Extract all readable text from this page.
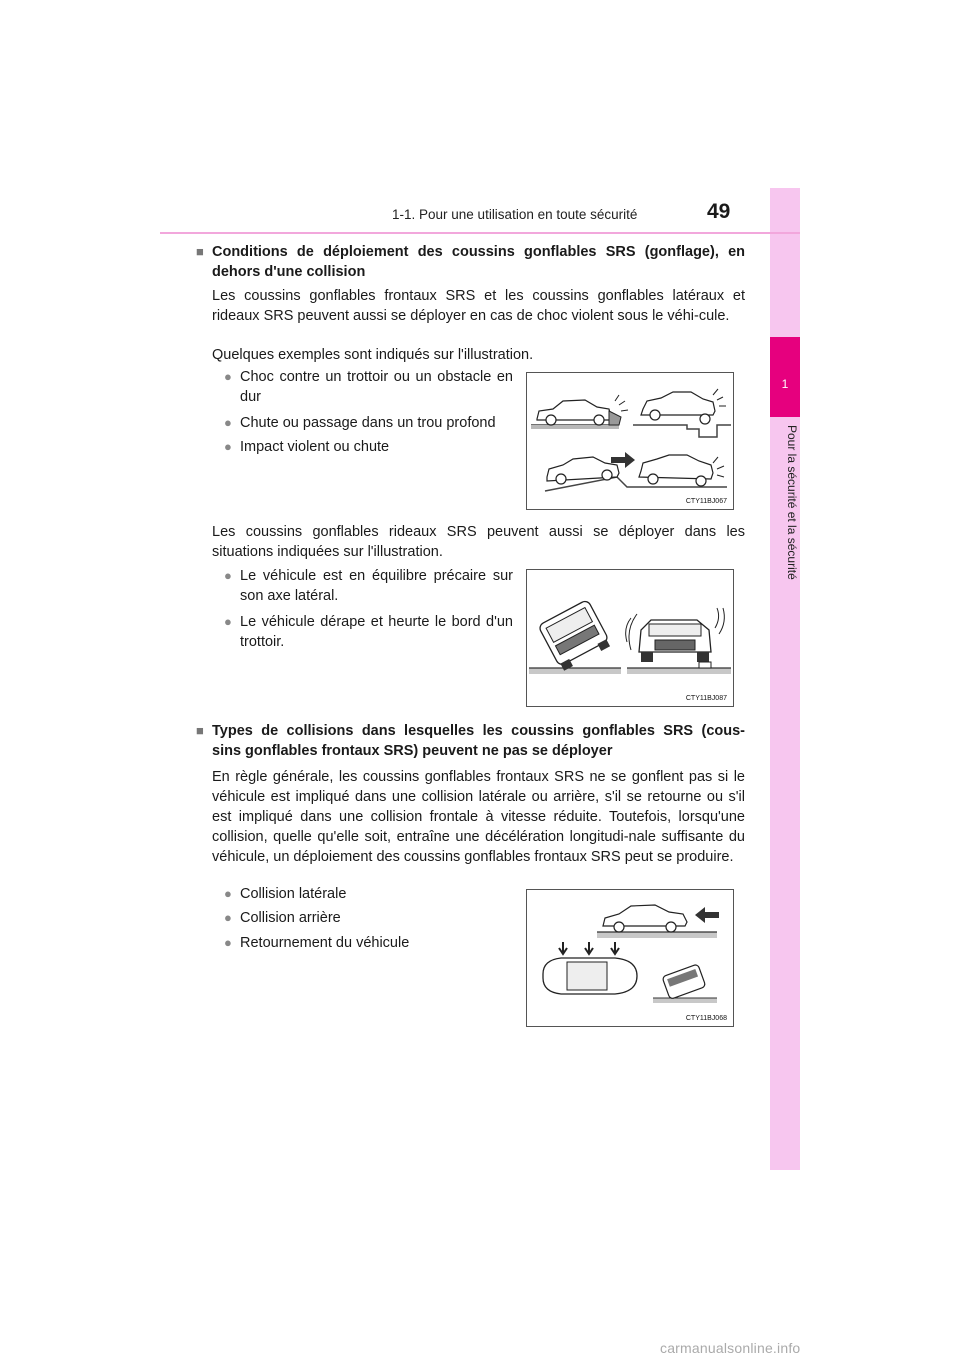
1
Pour la sécurité et la sécurité
1-1. Pour une utilisation en toute sécurité	49
■ Conditions de déploiement des coussins gonflables SRS (gonflage), en
dehors d'une collision
Les coussins gonflables frontaux SRS et les coussins gonflables latéraux et rideaux SRS peuvent aussi se déployer en cas de choc violent sous le véhi-cule.
Quelques exemples sont indiqués sur l'illustration.
Choc contre un trottoir ou un obstacle en dur
●
Chute ou passage dans un trou profond
●
Impact violent ou chute
●
CTY11BJ067
Les coussins gonflables rideaux SRS peuvent aussi se déployer dans les situations indiquées sur l'illustration.
Le véhicule est en équilibre précaire sur son axe latéral.
●
Le véhicule dérape et heurte le bord d'un trottoir.
●
CTY11BJ087
■ Types de collisions dans lesquelles les coussins gonflables SRS (cous-
sins gonflables frontaux SRS) peuvent ne pas se déployer
En règle générale, les coussins gonflables frontaux SRS ne se gonflent pas si le véhicule est impliqué dans une collision latérale ou arrière, s'il se retourne ou s'il est impliqué dans une collision frontale à vitesse réduite. Toutefois, lorsqu'une collision, quelle qu'elle soit, entraîne une décélération longitudi-nale suffisante du véhicule, un déploiement des coussins gonflables frontaux SRS peut se produire.
Collision latérale
●
Collision arrière
●
Retournement du véhicule
●
CTY11BJ068
carmanualsonline.info
